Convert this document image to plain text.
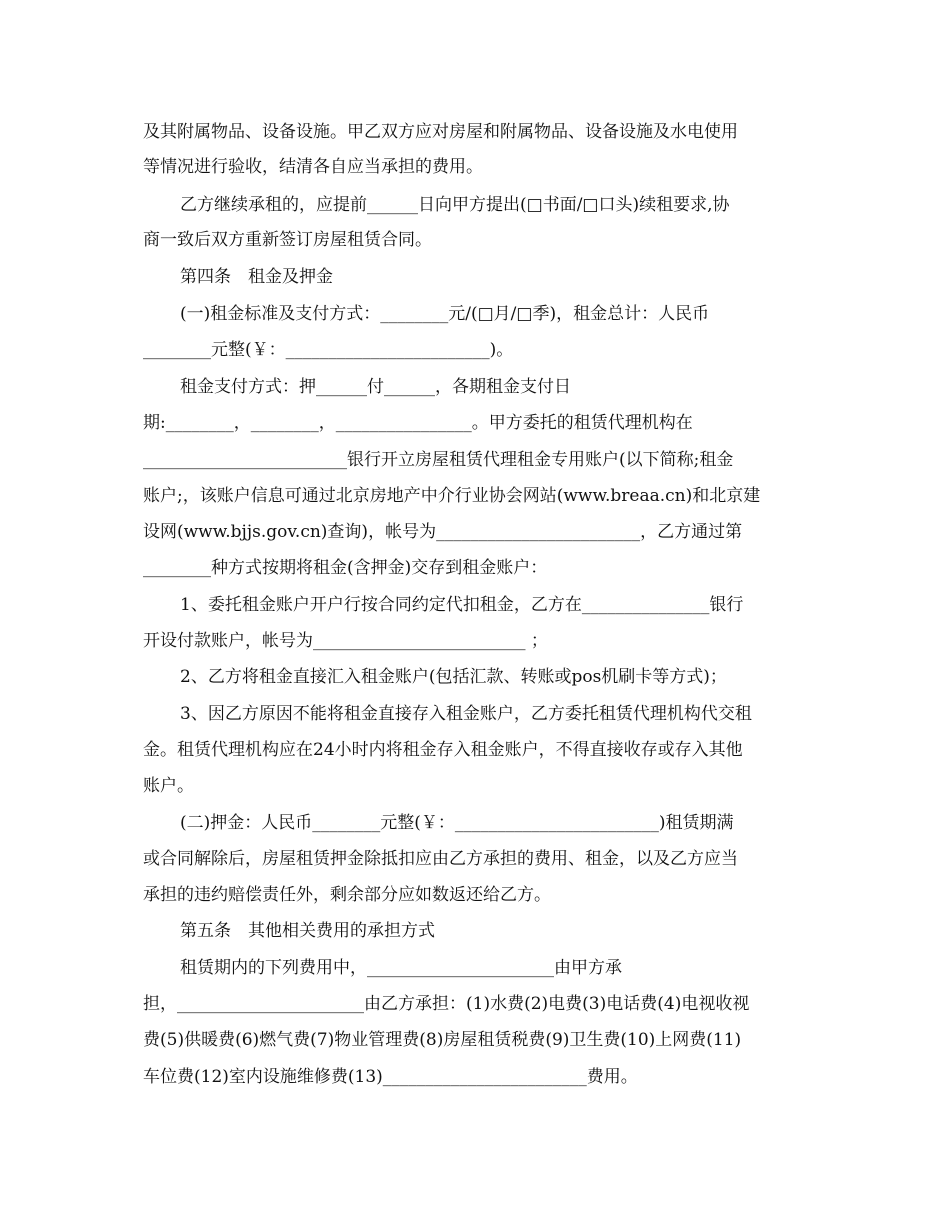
及其附属物品、设备设施。甲乙双方应对房屋和附属物品、设备设施及水电使用
等情况进行验收，结清各自应当承担的费用。
乙方继续承租的，应提前______日向甲方提出(□书面/□口头)续租要求,协
商一致后双方重新签订房屋租赁合同。
第四条　租金及押金
(一)租金标准及支付方式：________元/(□月/□季)，租金总计：人民币
________元整(￥：________________________)。
租金支付方式：押______付______，各期租金支付日
期:________，________，________________。甲方委托的租赁代理机构在
________________________银行开立房屋租赁代理租金专用账户(以下简称;租金
账户;，该账户信息可通过北京房地产中介行业协会网站(www.breaa.cn)和北京建
设网(www.bjjs.gov.cn)查询)，帐号为________________________，乙方通过第
________种方式按期将租金(含押金)交存到租金账户：
1、委托租金账户开户行按合同约定代扣租金，乙方在_______________银行
开设付款账户，帐号为_________________________ ；
2、乙方将租金直接汇入租金账户(包括汇款、转账或pos机刷卡等方式)；
3、因乙方原因不能将租金直接存入租金账户，乙方委托租赁代理机构代交租
金。租赁代理机构应在24小时内将租金存入租金账户，不得直接收存或存入其他
账户。
(二)押金：人民币________元整(￥：________________________)租赁期满
或合同解除后，房屋租赁押金除抵扣应由乙方承担的费用、租金，以及乙方应当
承担的违约赔偿责任外，剩余部分应如数返还给乙方。
第五条　其他相关费用的承担方式
租赁期内的下列费用中，______________________由甲方承
担，______________________由乙方承担：(1)水费(2)电费(3)电话费(4)电视收视
费(5)供暖费(6)燃气费(7)物业管理费(8)房屋租赁税费(9)卫生费(10)上网费(11)
车位费(12)室内设施维修费(13)________________________费用。
